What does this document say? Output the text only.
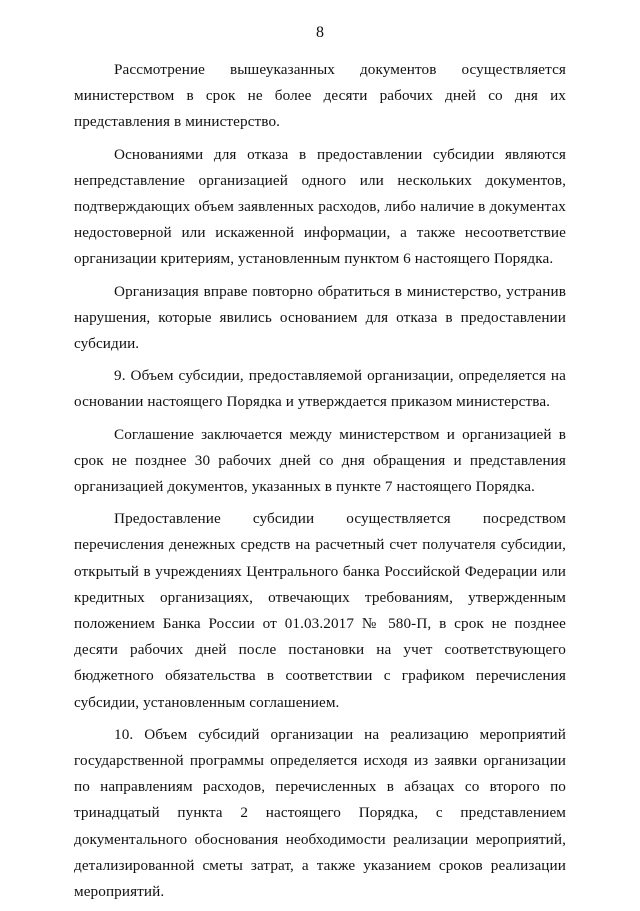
8

Рассмотрение вышеуказанных документов осуществляется министерством в срок не более десяти рабочих дней со дня их представления в министерство.

Основаниями для отказа в предоставлении субсидии являются непредставление организацией одного или нескольких документов, подтверждающих объем заявленных расходов, либо наличие в документах недостоверной или искаженной информации, а также несоответствие организации критериям, установленным пунктом 6 настоящего Порядка.

Организация вправе повторно обратиться в министерство, устранив нарушения, которые явились основанием для отказа в предоставлении субсидии.

9. Объем субсидии, предоставляемой организации, определяется на основании настоящего Порядка и утверждается приказом министерства.

Соглашение заключается между министерством и организацией в срок не позднее 30 рабочих дней со дня обращения и представления организацией документов, указанных в пункте 7 настоящего Порядка.

Предоставление субсидии осуществляется посредством перечисления денежных средств на расчетный счет получателя субсидии, открытый в учреждениях Центрального банка Российской Федерации или кредитных организациях, отвечающих требованиям, утвержденным положением Банка России от 01.03.2017 № 580-П, в срок не позднее десяти рабочих дней после постановки на учет соответствующего бюджетного обязательства в соответствии с графиком перечисления субсидии, установленным соглашением.

10. Объем субсидий организации на реализацию мероприятий государственной программы определяется исходя из заявки организации по направлениям расходов, перечисленных в абзацах со второго по тринадцатый пункта 2 настоящего Порядка, с представлением документального обоснования необходимости реализации мероприятий, детализированной сметы затрат, а также указанием сроков реализации мероприятий.
